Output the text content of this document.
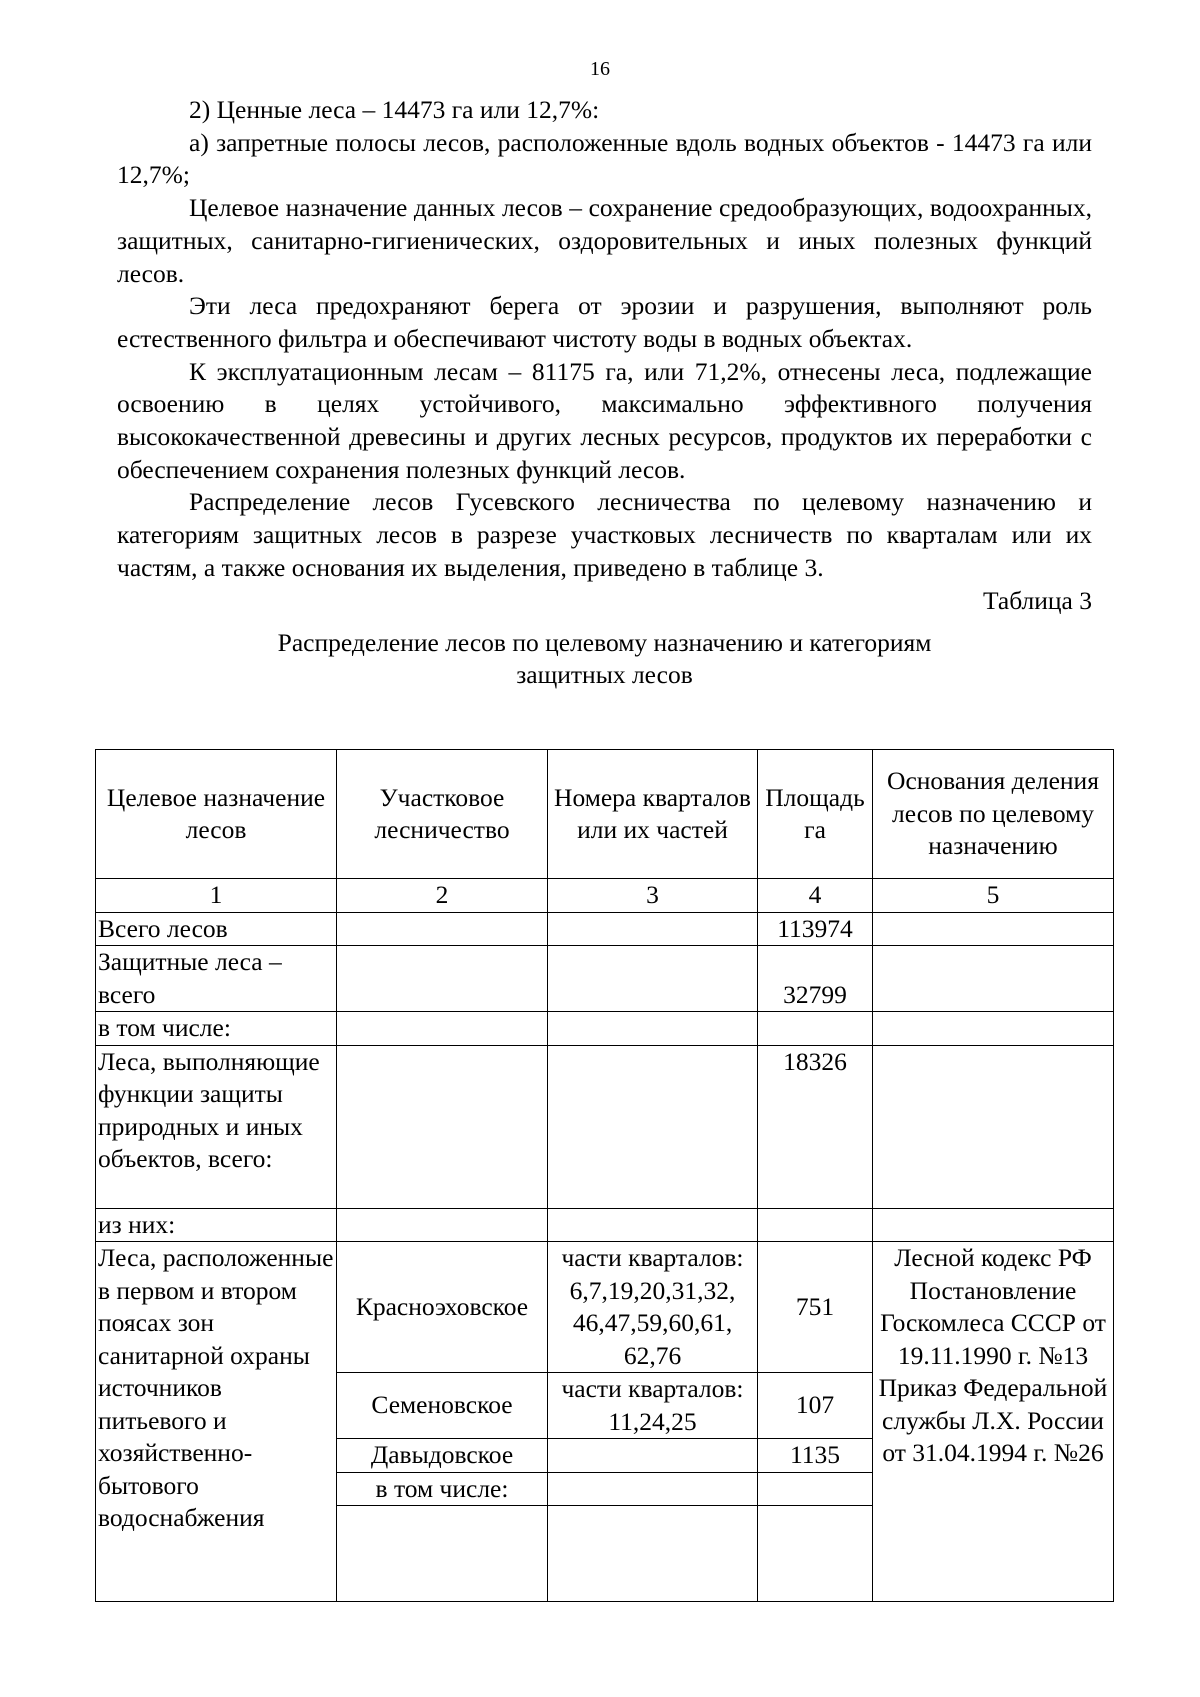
16

2) Ценные леса – 14473 га или 12,7%:

а) запретные полосы лесов, расположенные вдоль водных объектов - 14473 га или 12,7%;

Целевое назначение данных лесов – сохранение средообразующих, водоохранных, защитных, санитарно-гигиенических, оздоровительных и иных полезных функций лесов.

Эти леса предохраняют берега от эрозии и разрушения, выполняют роль естественного фильтра и обеспечивают чистоту воды в водных объектах.

К эксплуатационным лесам – 81175 га, или 71,2%, отнесены леса, подлежащие освоению в целях устойчивого, максимально эффективного получения высококачественной древесины и других лесных ресурсов, продуктов их переработки с обеспечением сохранения полезных функций лесов.

Распределение лесов Гусевского лесничества по целевому назначению и категориям защитных лесов в разрезе участковых лесничеств по кварталам или их частям, а также основания их выделения, приведено в таблице 3.

Таблица 3
Распределение лесов по целевому назначению и категориям
защитных лесов
Целевое назначение лесов	Участковое лесничество	Номера кварталов или их частей	Площадь га	Основания деления лесов по целевому назначению
1	2	3	4	5
Всего лесов			113974	
Защитные леса – всего			32799	
в том числе:				
Леса, выполняющие функции защиты природных и иных объектов, всего:			18326	
из них:				
Леса, расположенные в первом и втором поясах зон санитарной охраны источников питьевого и хозяйственно-бытового водоснабжения	Красноэховское	части кварталов: 6,7,19,20,31,32, 46,47,59,60,61, 62,76	751	Лесной кодекс РФ Постановление Госкомлеса СССР от 19.11.1990 г. №13 Приказ Федеральной службы Л.Х. России от 31.04.1994 г. №26
	Семеновское	части кварталов: 11,24,25	107	
	Давыдовское		1135	
	в том числе:			
